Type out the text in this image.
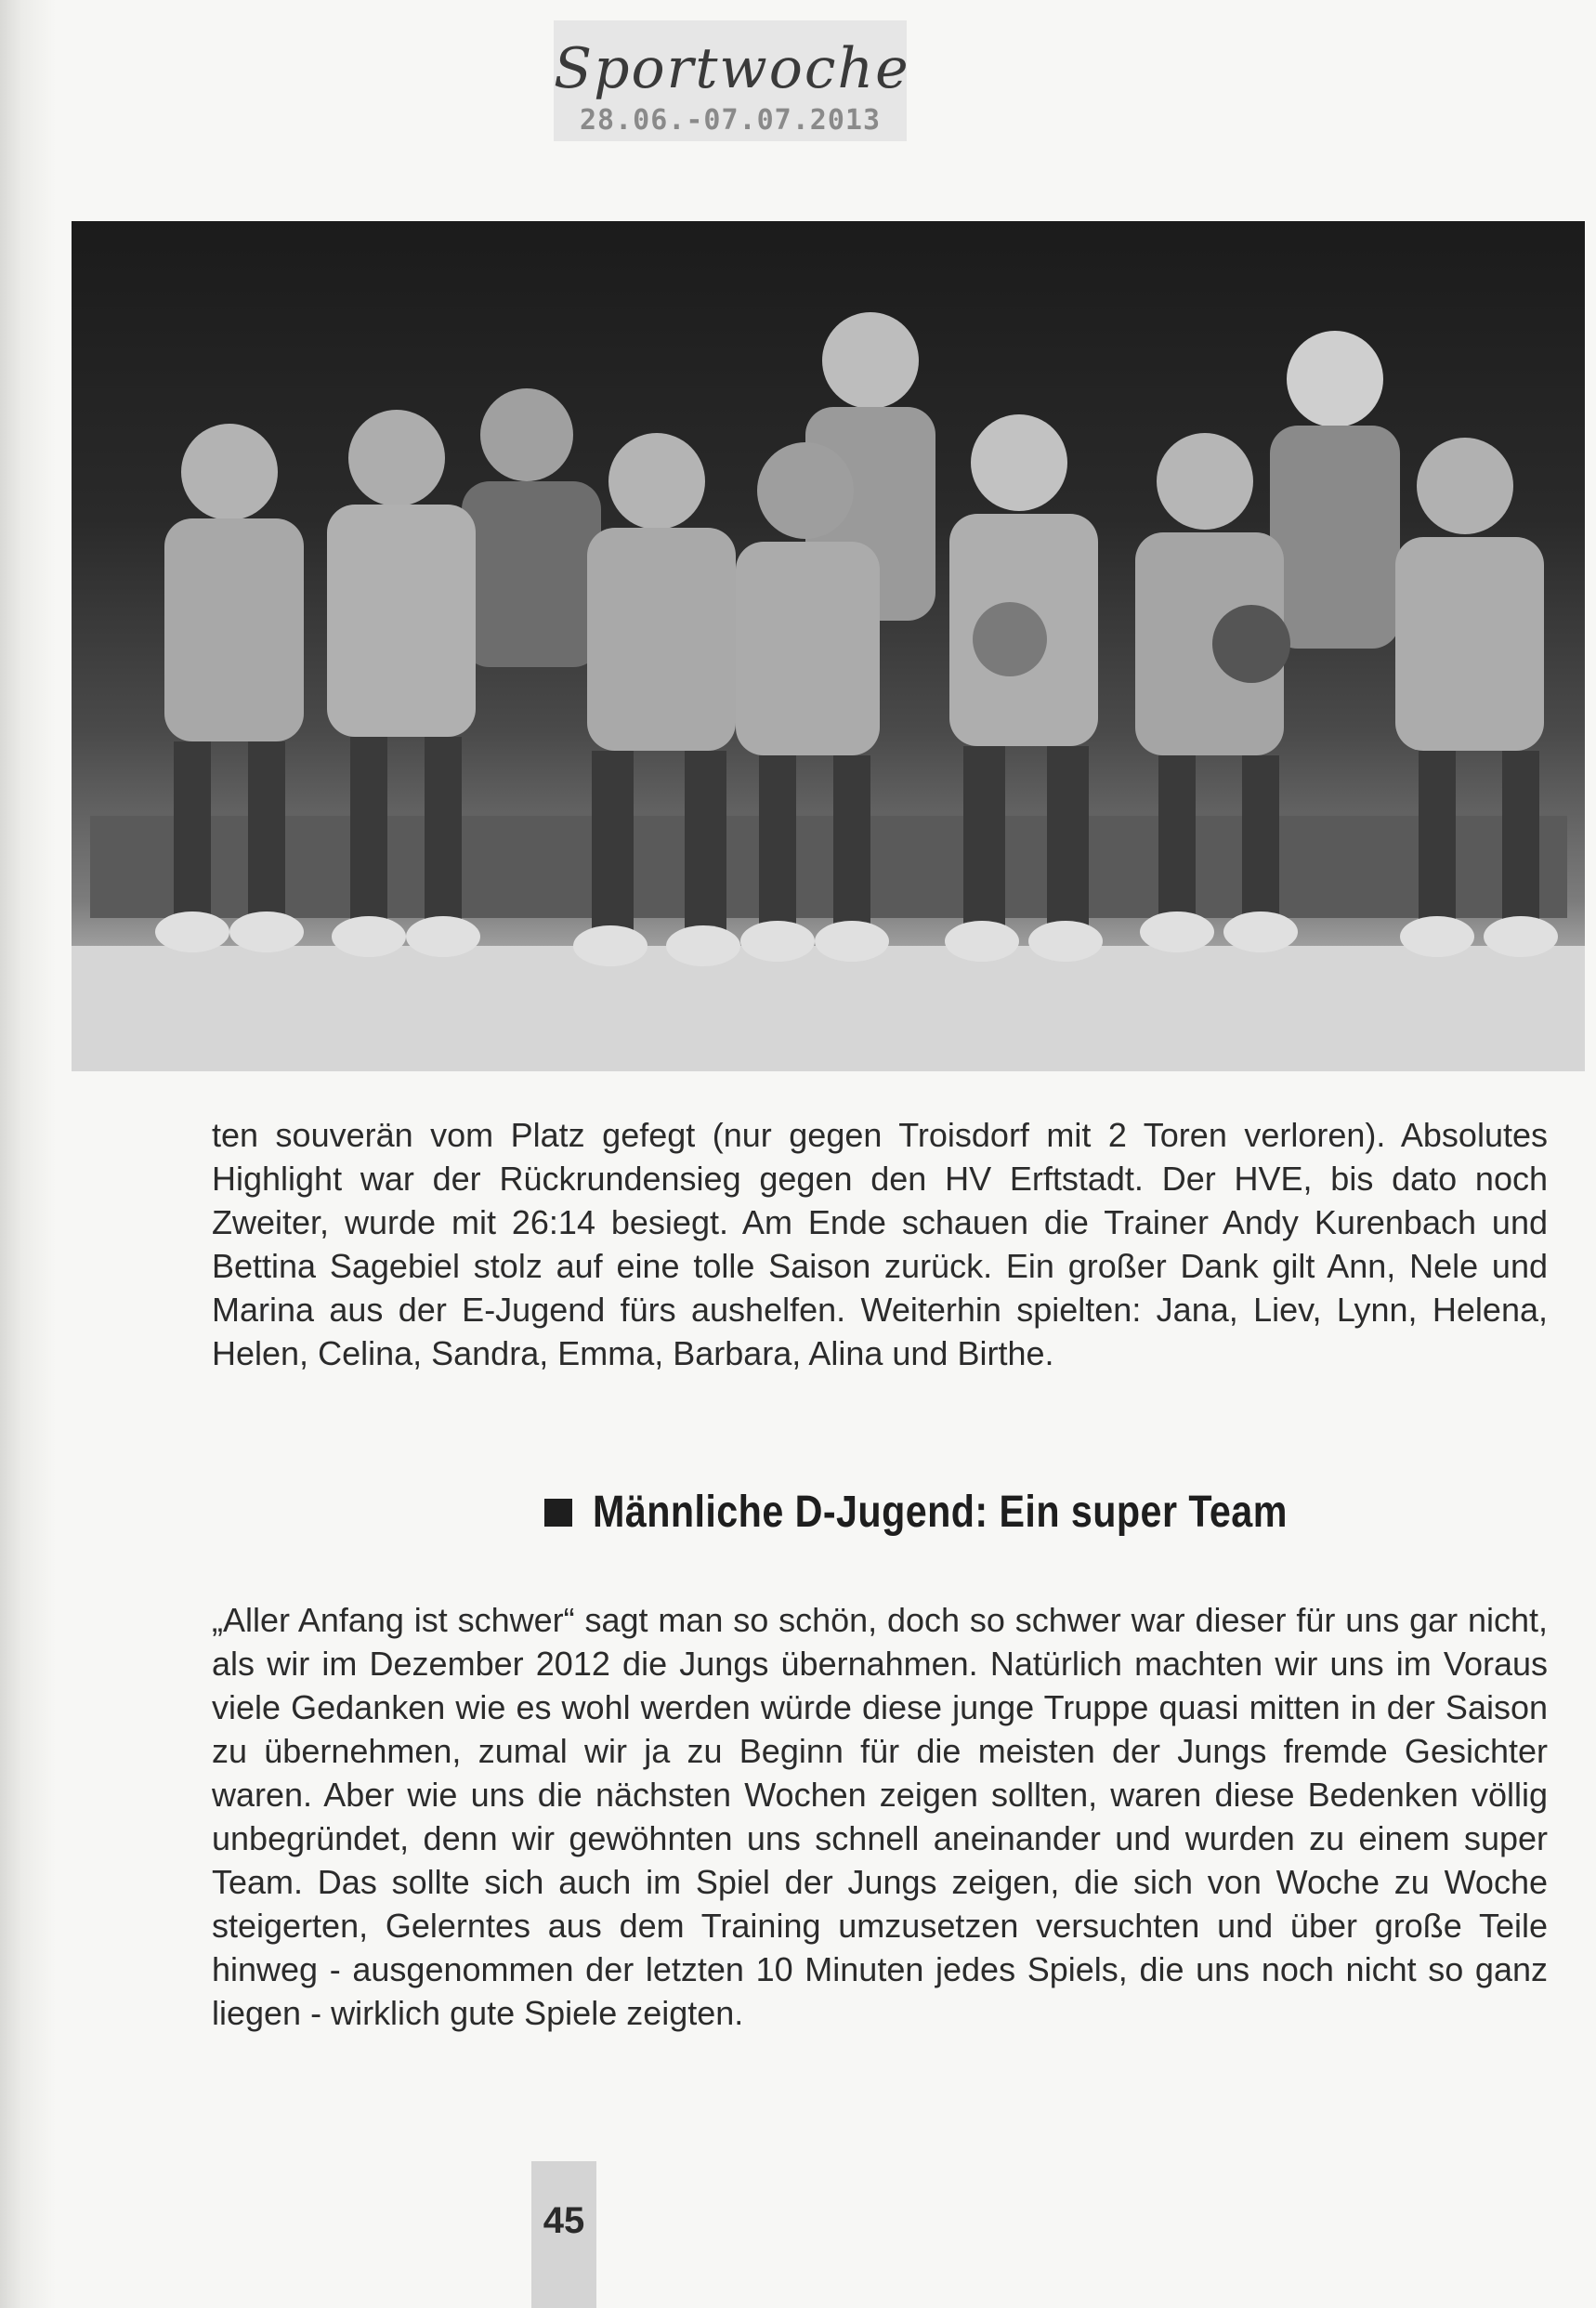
Sportwoche
28.06.-07.07.2013

ten souverän vom Platz gefegt (nur gegen Troisdorf mit 2 Toren verloren). Absolutes Highlight war der Rückrundensieg gegen den HV Erftstadt. Der HVE, bis dato noch Zweiter, wurde mit 26:14 besiegt. Am Ende schauen die Trainer Andy Kurenbach und Bettina Sagebiel stolz auf eine tolle Saison zurück. Ein großer Dank gilt Ann, Nele und Marina aus der E-Jugend fürs aushelfen. Weiterhin spielten: Jana, Liev, Lynn, Helena, Helen, Celina, Sandra, Emma, Barbara, Alina und Birthe.

Männliche D-Jugend: Ein super Team

„Aller Anfang ist schwer“ sagt man so schön, doch so schwer war dieser für uns gar nicht, als wir im Dezember 2012 die Jungs übernahmen. Natürlich machten wir uns im Voraus viele Gedanken wie es wohl werden würde diese junge Truppe quasi mitten in der Saison zu übernehmen, zumal wir ja zu Beginn für die meisten der Jungs fremde Gesichter waren. Aber wie uns die nächsten Wochen zeigen sollten, waren diese Bedenken völlig unbegründet, denn wir gewöhnten uns schnell aneinander und wurden zu einem super Team. Das sollte sich auch im Spiel der Jungs zeigen, die sich von Woche zu Woche steigerten, Gelerntes aus dem Training umzusetzen versuchten und über große Teile hinweg - ausgenommen der letzten 10 Minuten jedes Spiels, die uns noch nicht so ganz liegen - wirklich gute Spiele zeigten.

45
